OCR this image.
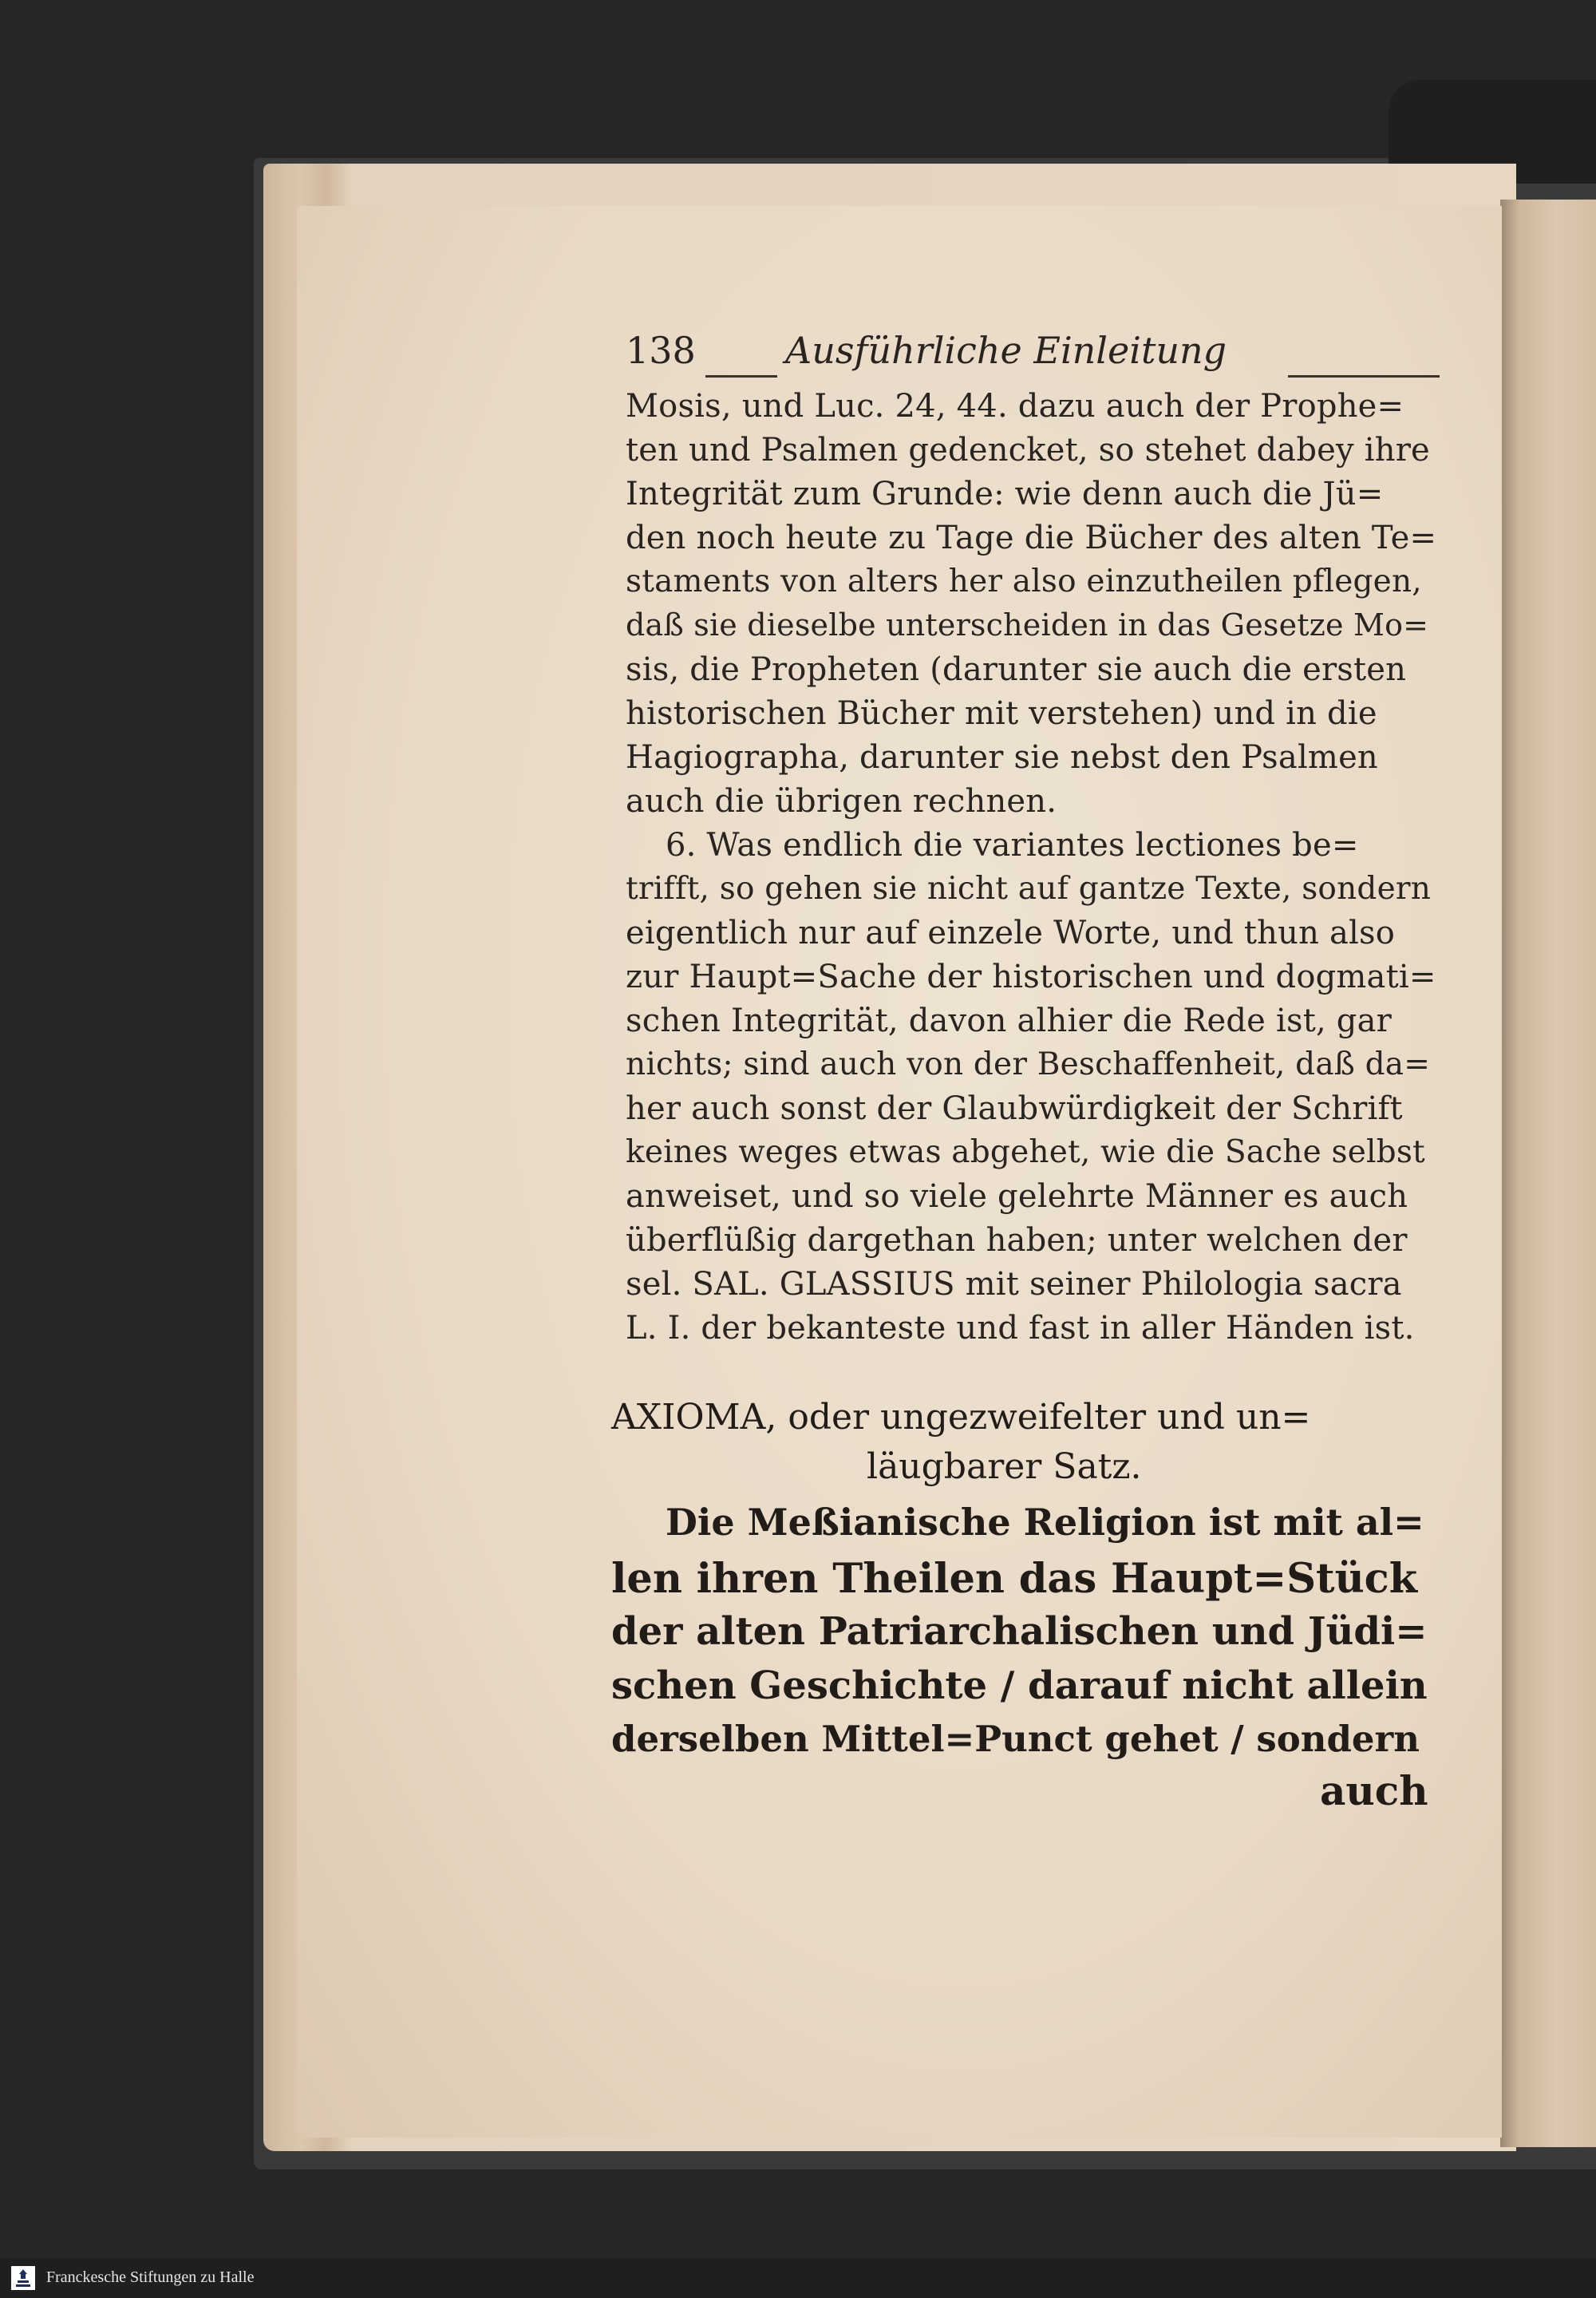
138 Ausführliche Einleitung
Mosis, und Luc. 24, 44. dazu auch der Prophe=
ten und Psalmen gedencket, so stehet dabey ihre
Integrität zum Grunde: wie denn auch die Jü=
den noch heute zu Tage die Bücher des alten Te=
staments von alters her also einzutheilen pflegen,
daß sie dieselbe unterscheiden in das Gesetze Mo=
sis, die Propheten (darunter sie auch die ersten
historischen Bücher mit verstehen) und in die
Hagiographa, darunter sie nebst den Psalmen
auch die übrigen rechnen.
6. Was endlich die variantes lectiones be=
trifft, so gehen sie nicht auf gantze Texte, sondern
eigentlich nur auf einzele Worte, und thun also
zur Haupt=Sache der historischen und dogmati=
schen Integrität, davon alhier die Rede ist, gar
nichts; sind auch von der Beschaffenheit, daß da=
her auch sonst der Glaubwürdigkeit der Schrift
keines weges etwas abgehet, wie die Sache selbst
anweiset, und so viele gelehrte Männer es auch
überflüßig dargethan haben; unter welchen der
sel. SAL. GLASSIUS mit seiner Philologia sacra
L. I. der bekanteste und fast in aller Händen ist.
AXIOMA, oder ungezweifelter und un=
läugbarer Satz.
Die Meßianische Religion ist mit al=
len ihren Theilen das Haupt=Stück
der alten Patriarchalischen und Jüdi=
schen Geschichte / darauf nicht allein
derselben Mittel=Punct gehet / sondern
auch
Franckesche Stiftungen zu Halle
